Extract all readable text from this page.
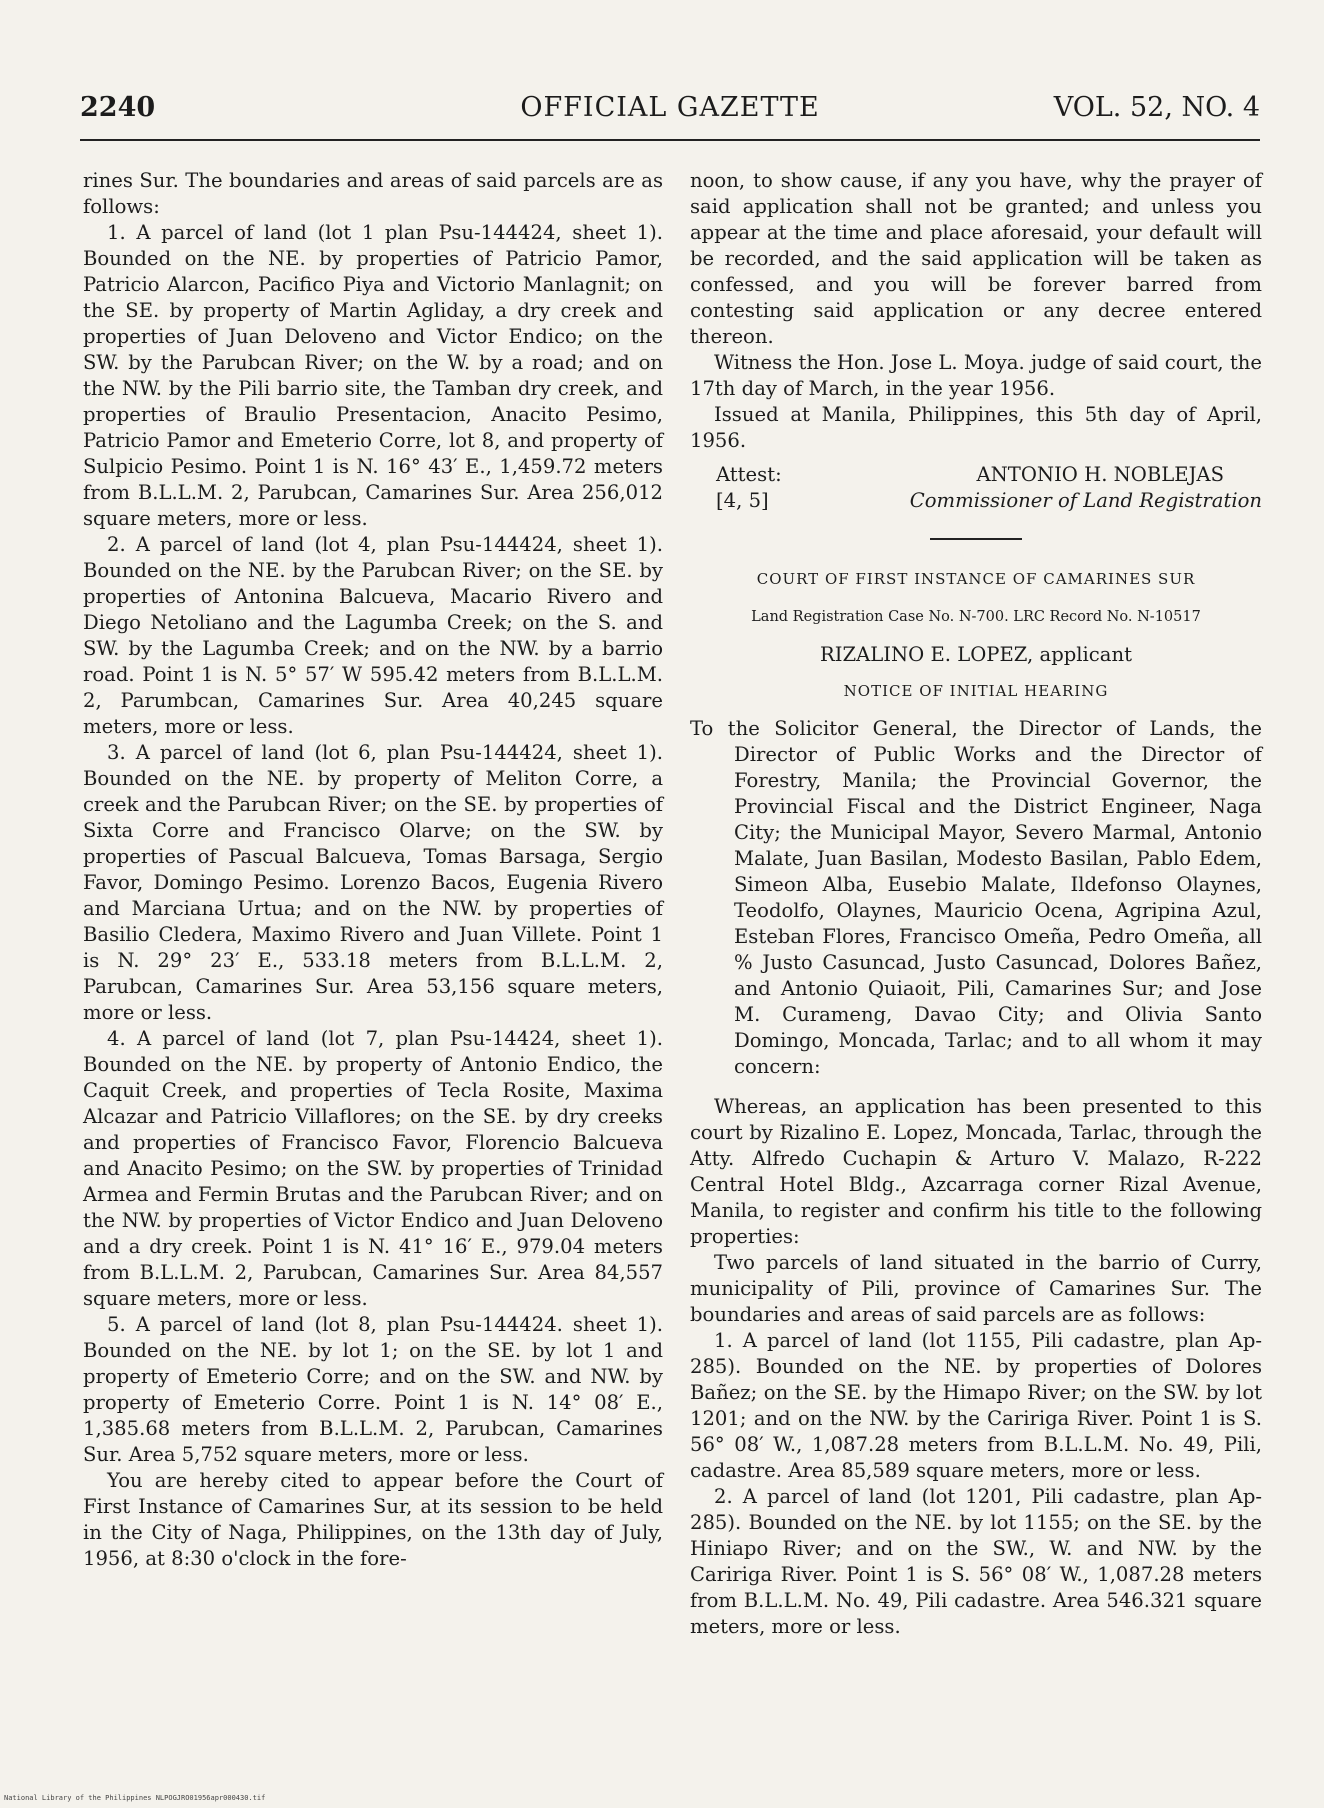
2240	OFFICIAL GAZETTE	VOL. 52, NO. 4

rines Sur. The boundaries and areas of said parcels are as follows:

1. A parcel of land (lot 1 plan Psu-144424, sheet 1). Bounded on the NE. by properties of Patricio Pamor, Patricio Alarcon, Pacifico Piya and Victorio Manlagnit; on the SE. by property of Martin Agliday, a dry creek and properties of Juan Deloveno and Victor Endico; on the SW. by the Parubcan River; on the W. by a road; and on the NW. by the Pili barrio site, the Tamban dry creek, and properties of Braulio Presentacion, Anacito Pesimo, Patricio Pamor and Emeterio Corre, lot 8, and property of Sulpicio Pesimo. Point 1 is N. 16° 43′ E., 1,459.72 meters from B.L.L.M. 2, Parubcan, Camarines Sur. Area 256,012 square meters, more or less.

2. A parcel of land (lot 4, plan Psu-144424, sheet 1). Bounded on the NE. by the Parubcan River; on the SE. by properties of Antonina Balcueva, Macario Rivero and Diego Netoliano and the Lagumba Creek; on the S. and SW. by the Lagumba Creek; and on the NW. by a barrio road. Point 1 is N. 5° 57′ W 595.42 meters from B.L.L.M. 2, Parumbcan, Camarines Sur. Area 40,245 square meters, more or less.

3. A parcel of land (lot 6, plan Psu-144424, sheet 1). Bounded on the NE. by property of Meliton Corre, a creek and the Parubcan River; on the SE. by properties of Sixta Corre and Francisco Olarve; on the SW. by properties of Pascual Balcueva, Tomas Barsaga, Sergio Favor, Domingo Pesimo. Lorenzo Bacos, Eugenia Rivero and Marciana Urtua; and on the NW. by properties of Basilio Cledera, Maximo Rivero and Juan Villete. Point 1 is N. 29° 23′ E., 533.18 meters from B.L.L.M. 2, Parubcan, Camarines Sur. Area 53,156 square meters, more or less.

4. A parcel of land (lot 7, plan Psu-14424, sheet 1). Bounded on the NE. by property of Antonio Endico, the Caquit Creek, and properties of Tecla Rosite, Maxima Alcazar and Patricio Villaflores; on the SE. by dry creeks and properties of Francisco Favor, Florencio Balcueva and Anacito Pesimo; on the SW. by properties of Trinidad Armea and Fermin Brutas and the Parubcan River; and on the NW. by properties of Victor Endico and Juan Deloveno and a dry creek. Point 1 is N. 41° 16′ E., 979.04 meters from B.L.L.M. 2, Parubcan, Camarines Sur. Area 84,557 square meters, more or less.

5. A parcel of land (lot 8, plan Psu-144424. sheet 1). Bounded on the NE. by lot 1; on the SE. by lot 1 and property of Emeterio Corre; and on the SW. and NW. by property of Emeterio Corre. Point 1 is N. 14° 08′ E., 1,385.68 meters from B.L.L.M. 2, Parubcan, Camarines Sur. Area 5,752 square meters, more or less.

You are hereby cited to appear before the Court of First Instance of Camarines Sur, at its session to be held in the City of Naga, Philippines, on the 13th day of July, 1956, at 8:30 o'clock in the fore-

noon, to show cause, if any you have, why the prayer of said application shall not be granted; and unless you appear at the time and place aforesaid, your default will be recorded, and the said application will be taken as confessed, and you will be forever barred from contesting said application or any decree entered thereon.

Witness the Hon. Jose L. Moya. judge of said court, the 17th day of March, in the year 1956.

Issued at Manila, Philippines, this 5th day of April, 1956.

Attest:
[4, 5]
ANTONIO H. NOBLEJAS
Commissioner of Land Registration
COURT OF FIRST INSTANCE OF CAMARINES SUR
Land Registration Case No. N-700. LRC Record No. N-10517
RIZALINO E. LOPEZ, applicant
NOTICE OF INITIAL HEARING

To the Solicitor General, the Director of Lands, the Director of Public Works and the Director of Forestry, Manila; the Provincial Governor, the Provincial Fiscal and the District Engineer, Naga City; the Municipal Mayor, Severo Marmal, Antonio Malate, Juan Basilan, Modesto Basilan, Pablo Edem, Simeon Alba, Eusebio Malate, Ildefonso Olaynes, Teodolfo, Olaynes, Mauricio Ocena, Agripina Azul, Esteban Flores, Francisco Omeña, Pedro Omeña, all % Justo Casuncad, Justo Casuncad, Dolores Bañez, and Antonio Quiaoit, Pili, Camarines Sur; and Jose M. Curameng, Davao City; and Olivia Santo Domingo, Moncada, Tarlac; and to all whom it may concern:

Whereas, an application has been presented to this court by Rizalino E. Lopez, Moncada, Tarlac, through the Atty. Alfredo Cuchapin & Arturo V. Malazo, R-222 Central Hotel Bldg., Azcarraga corner Rizal Avenue, Manila, to register and confirm his title to the following properties:

Two parcels of land situated in the barrio of Curry, municipality of Pili, province of Camarines Sur. The boundaries and areas of said parcels are as follows:

1. A parcel of land (lot 1155, Pili cadastre, plan Ap-285). Bounded on the NE. by properties of Dolores Bañez; on the SE. by the Himapo River; on the SW. by lot 1201; and on the NW. by the Caririga River. Point 1 is S. 56° 08′ W., 1,087.28 meters from B.L.L.M. No. 49, Pili, cadastre. Area 85,589 square meters, more or less.

2. A parcel of land (lot 1201, Pili cadastre, plan Ap-285). Bounded on the NE. by lot 1155; on the SE. by the Hiniapo River; and on the SW., W. and NW. by the Caririga River. Point 1 is S. 56° 08′ W., 1,087.28 meters from B.L.L.M. No. 49, Pili cadastre. Area 546.321 square meters, more or less.

National Library of the Philippines NLPOGJRO01956apr000430.tif
